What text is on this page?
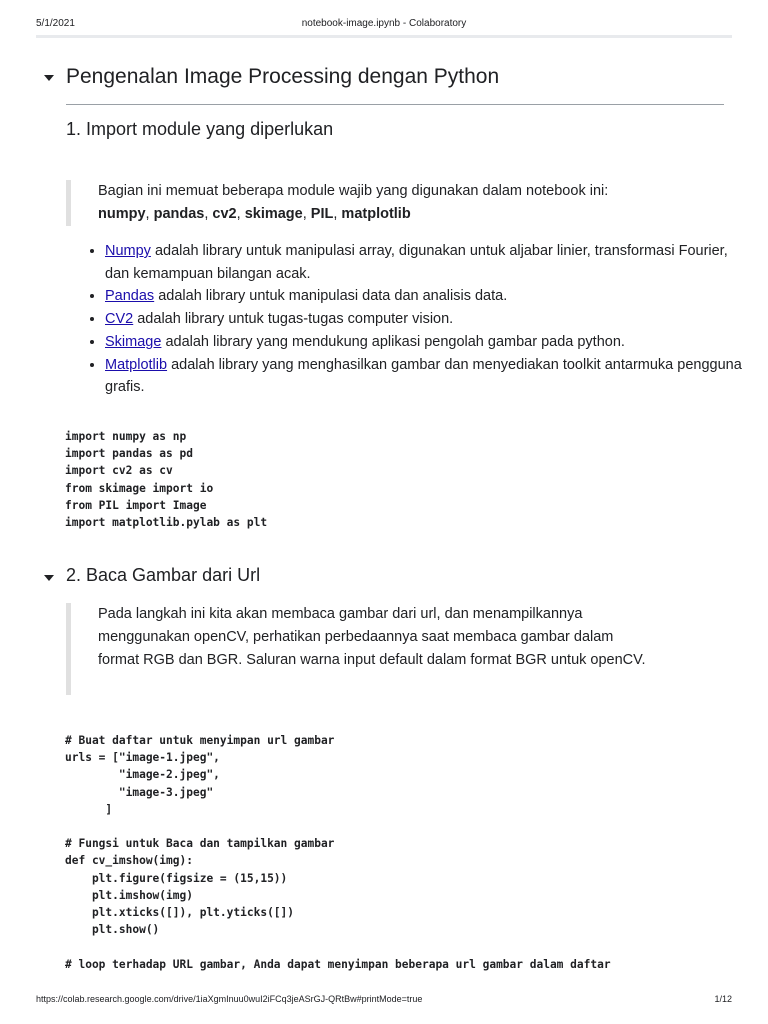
5/1/2021	notebook-image.ipynb - Colaboratory
Pengenalan Image Processing dengan Python
1. Import module yang diperlukan
Bagian ini memuat beberapa module wajib yang digunakan dalam notebook ini:
numpy, pandas, cv2, skimage, PIL, matplotlib
• Numpy adalah library untuk manipulasi array, digunakan untuk aljabar linier, transformasi Fourier, dan kemampuan bilangan acak.
• Pandas adalah library untuk manipulasi data dan analisis data.
• CV2 adalah library untuk tugas-tugas computer vision.
• Skimage adalah library yang mendukung aplikasi pengolah gambar pada python.
• Matplotlib adalah library yang menghasilkan gambar dan menyediakan toolkit antarmuka pengguna grafis.
import numpy as np
import pandas as pd
import cv2 as cv
from skimage import io
from PIL import Image
import matplotlib.pylab as plt
2. Baca Gambar dari Url
Pada langkah ini kita akan membaca gambar dari url, dan menampilkannya menggunakan openCV, perhatikan perbedaannya saat membaca gambar dalam format RGB dan BGR. Saluran warna input default dalam format BGR untuk openCV.
# Buat daftar untuk menyimpan url gambar
urls = ["image-1.jpeg",
"image-2.jpeg",
"image-3.jpeg"
]

# Fungsi untuk Baca dan tampilkan gambar
def cv_imshow(img):
plt.figure(figsize = (15,15))
plt.imshow(img)
plt.xticks([]), plt.yticks([])
plt.show()

# loop terhadap URL gambar, Anda dapat menyimpan beberapa url gambar dalam daftar
https://colab.research.google.com/drive/1iaXgmInuu0wuI2iFCq3jeASrGJ-QRtBw#printMode=true	1/12
